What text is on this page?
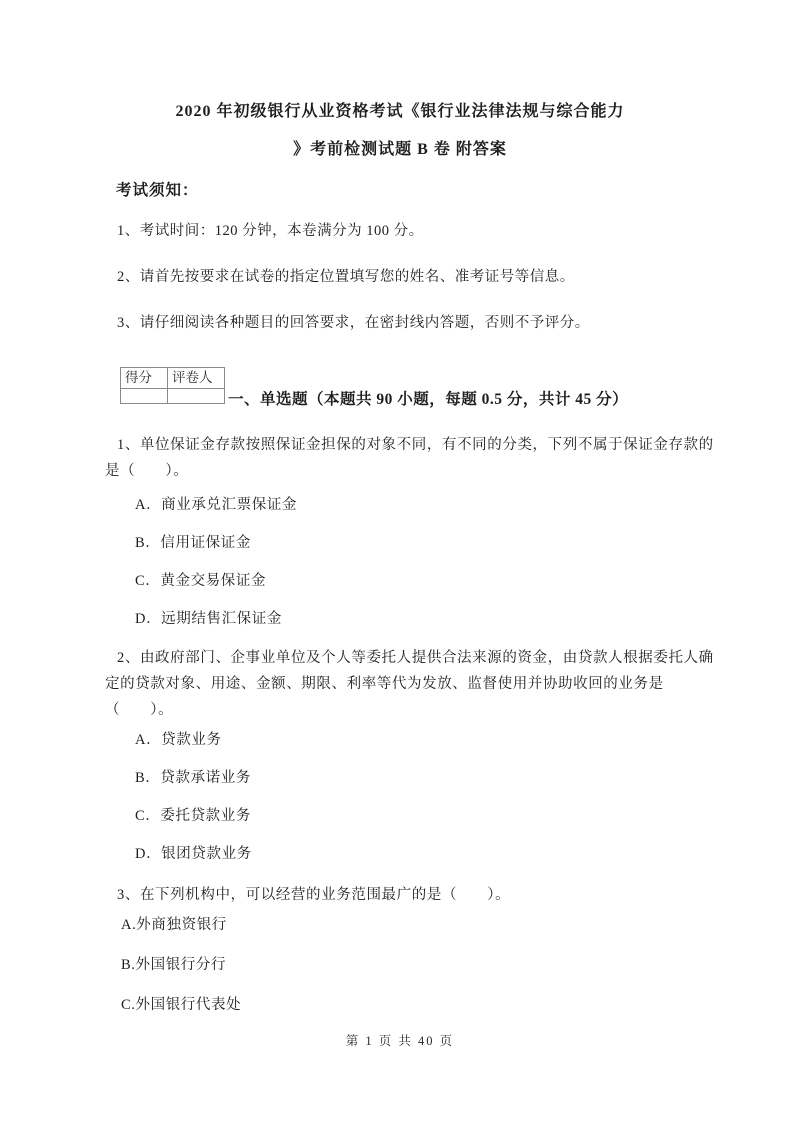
2020 年初级银行从业资格考试《银行业法律法规与综合能力
》考前检测试题 B 卷 附答案
考试须知：
1、考试时间：120 分钟，本卷满分为 100 分。
2、请首先按要求在试卷的指定位置填写您的姓名、准考证号等信息。
3、请仔细阅读各种题目的回答要求，在密封线内答题，否则不予评分。
得分	评卷人

一、单选题（本题共 90 小题，每题 0.5 分，共计 45 分）
1、单位保证金存款按照保证金担保的对象不同，有不同的分类，下列不属于保证金存款的是（　　）。
A．商业承兑汇票保证金
B．信用证保证金
C．黄金交易保证金
D．远期结售汇保证金
2、由政府部门、企事业单位及个人等委托人提供合法来源的资金，由贷款人根据委托人确定的贷款对象、用途、金额、期限、利率等代为发放、监督使用并协助收回的业务是（　　）。
A．贷款业务
B．贷款承诺业务
C．委托贷款业务
D．银团贷款业务
3、在下列机构中，可以经营的业务范围最广的是（　　）。
A.外商独资银行
B.外国银行分行
C.外国银行代表处
第 1 页 共 40 页
